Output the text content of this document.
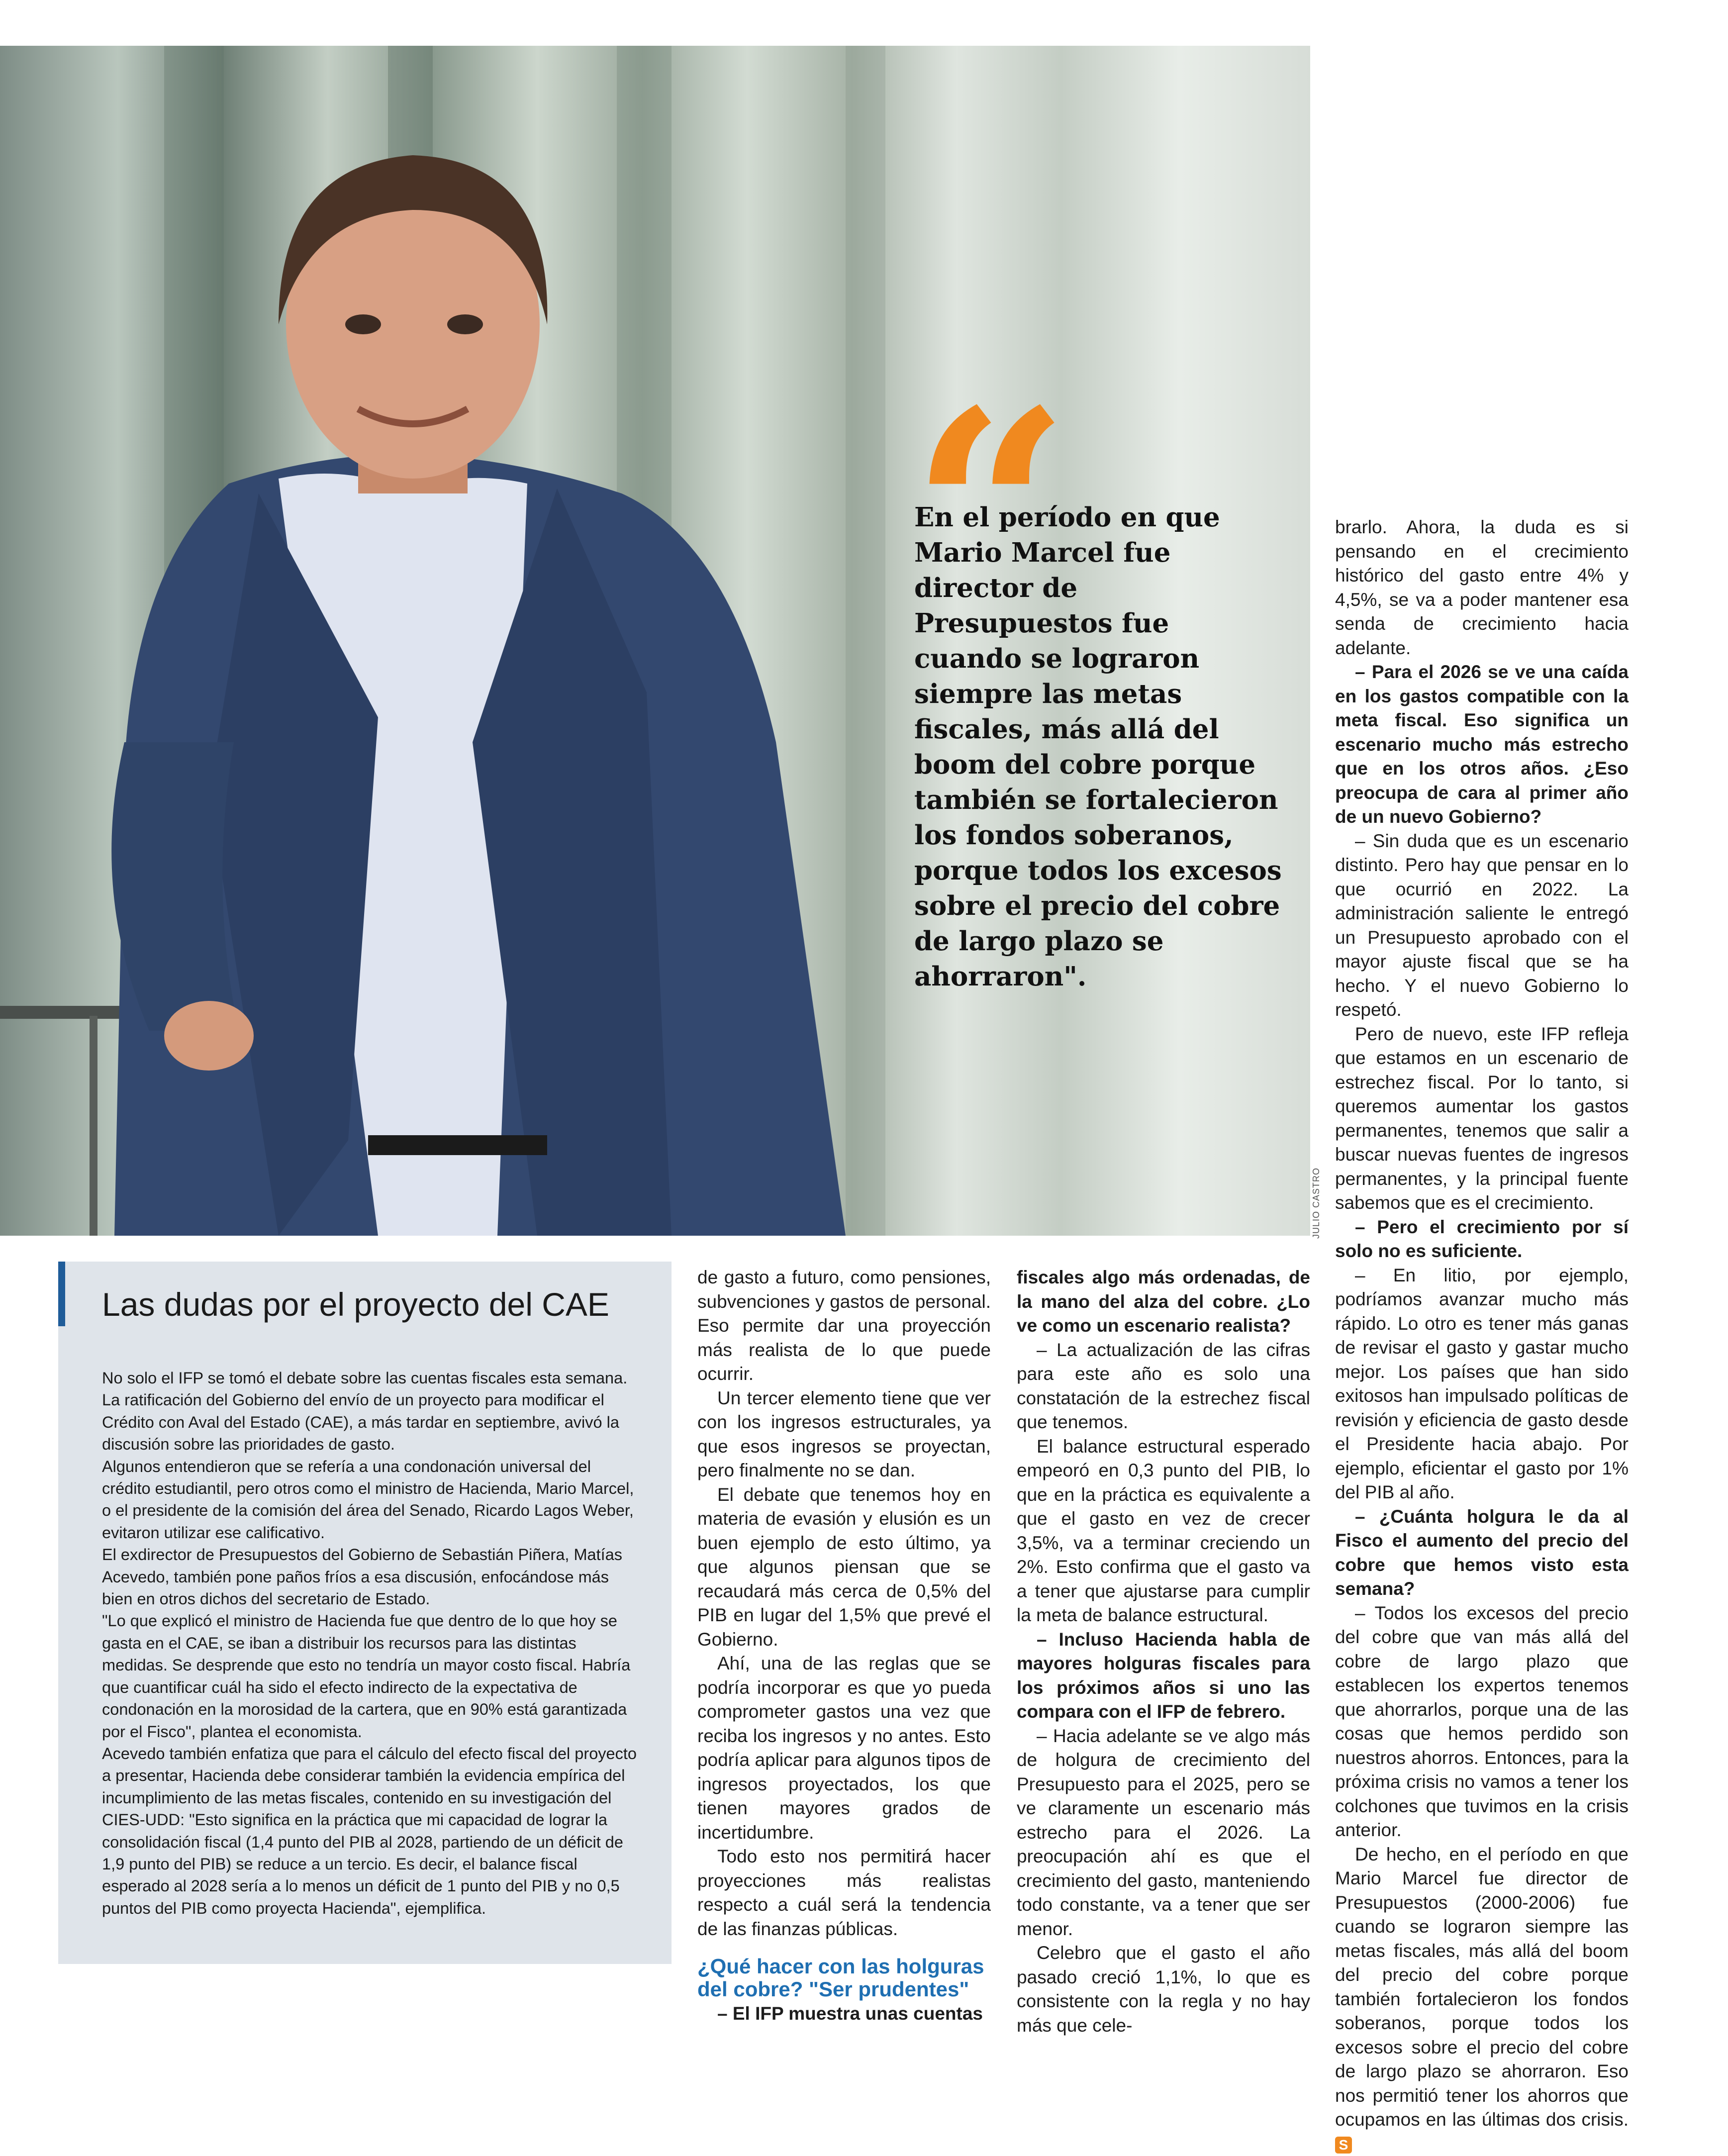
JULIO CASTRO
En el período en que Mario Marcel fue director de Presupuestos fue cuando se lograron siempre las metas fiscales, más allá del boom del cobre porque también se fortalecieron los fondos soberanos, porque todos los excesos sobre el precio del cobre de largo plazo se ahorraron".
Las dudas por el proyecto del CAE

No solo el IFP se tomó el debate sobre las cuentas fiscales esta semana. La ratificación del Gobierno del envío de un proyecto para modificar el Crédito con Aval del Estado (CAE), a más tardar en septiembre, avivó la discusión sobre las prioridades de gasto.

Algunos entendieron que se refería a una condonación universal del crédito estudiantil, pero otros como el ministro de Hacienda, Mario Marcel, o el presidente de la comisión del área del Senado, Ricardo Lagos Weber, evitaron utilizar ese calificativo.

El exdirector de Presupuestos del Gobierno de Sebastián Piñera, Matías Acevedo, también pone paños fríos a esa discusión, enfocándose más bien en otros dichos del secretario de Estado.

"Lo que explicó el ministro de Hacienda fue que dentro de lo que hoy se gasta en el CAE, se iban a distribuir los recursos para las distintas medidas. Se desprende que esto no tendría un mayor costo fiscal. Habría que cuantificar cuál ha sido el efecto indirecto de la expectativa de condonación en la morosidad de la cartera, que en 90% está garantizada por el Fisco", plantea el economista.

Acevedo también enfatiza que para el cálculo del efecto fiscal del proyecto a presentar, Hacienda debe considerar también la evidencia empírica del incumplimiento de las metas fiscales, contenido en su investigación del CIES-UDD: "Esto significa en la práctica que mi capacidad de lograr la consolidación fiscal (1,4 punto del PIB al 2028, partiendo de un déficit de 1,9 punto del PIB) se reduce a un tercio. Es decir, el balance fiscal esperado al 2028 sería a lo menos un déficit de 1 punto del PIB y no 0,5 puntos del PIB como proyecta Hacienda", ejemplifica.

de gasto a futuro, como pensiones, subvenciones y gastos de personal. Eso permite dar una proyección más realista de lo que puede ocurrir.

Un tercer elemento tiene que ver con los ingresos estructurales, ya que esos ingresos se proyectan, pero finalmente no se dan.

El debate que tenemos hoy en materia de evasión y elusión es un buen ejemplo de esto último, ya que algunos piensan que se recaudará más cerca de 0,5% del PIB en lugar del 1,5% que prevé el Gobierno.

Ahí, una de las reglas que se podría incorporar es que yo pueda comprometer gastos una vez que reciba los ingresos y no antes. Esto podría aplicar para algunos tipos de ingresos proyectados, los que tienen mayores grados de incertidumbre.

Todo esto nos permitirá hacer proyecciones más realistas respecto a cuál será la tendencia de las finanzas públicas.

¿Qué hacer con las holguras del cobre? "Ser prudentes"

– El IFP muestra unas cuentas

fiscales algo más ordenadas, de la mano del alza del cobre. ¿Lo ve como un escenario realista?

– La actualización de las cifras para este año es solo una constatación de la estrechez fiscal que tenemos.

El balance estructural esperado empeoró en 0,3 punto del PIB, lo que en la práctica es equivalente a que el gasto en vez de crecer 3,5%, va a terminar creciendo un 2%. Esto confirma que el gasto va a tener que ajustarse para cumplir la meta de balance estructural.

– Incluso Hacienda habla de mayores holguras fiscales para los próximos años si uno las compara con el IFP de febrero.

– Hacia adelante se ve algo más de holgura de crecimiento del Presupuesto para el 2025, pero se ve claramente un escenario más estrecho para el 2026. La preocupación ahí es que el crecimiento del gasto, manteniendo todo constante, va a tener que ser menor.

Celebro que el gasto el año pasado creció 1,1%, lo que es consistente con la regla y no hay más que cele-

brarlo. Ahora, la duda es si pensando en el crecimiento histórico del gasto entre 4% y 4,5%, se va a poder mantener esa senda de crecimiento hacia adelante.

– Para el 2026 se ve una caída en los gastos compatible con la meta fiscal. Eso significa un escenario mucho más estrecho que en los otros años. ¿Eso preocupa de cara al primer año de un nuevo Gobierno?

– Sin duda que es un escenario distinto. Pero hay que pensar en lo que ocurrió en 2022. La administración saliente le entregó un Presupuesto aprobado con el mayor ajuste fiscal que se ha hecho. Y el nuevo Gobierno lo respetó.

Pero de nuevo, este IFP refleja que estamos en un escenario de estrechez fiscal. Por lo tanto, si queremos aumentar los gastos permanentes, tenemos que salir a buscar nuevas fuentes de ingresos permanentes, y la principal fuente sabemos que es el crecimiento.

– Pero el crecimiento por sí solo no es suficiente.

– En litio, por ejemplo, podríamos avanzar mucho más rápido. Lo otro es tener más ganas de revisar el gasto y gastar mucho mejor. Los países que han sido exitosos han impulsado políticas de revisión y eficiencia de gasto desde el Presidente hacia abajo. Por ejemplo, eficientar el gasto por 1% del PIB al año.

– ¿Cuánta holgura le da al Fisco el aumento del precio del cobre que hemos visto esta semana?

– Todos los excesos del precio del cobre que van más allá del cobre de largo plazo que establecen los expertos tenemos que ahorrarlos, porque una de las cosas que hemos perdido son nuestros ahorros. Entonces, para la próxima crisis no vamos a tener los colchones que tuvimos en la crisis anterior.

De hecho, en el período en que Mario Marcel fue director de Presupuestos (2000-2006) fue cuando se lograron siempre las metas fiscales, más allá del boom del precio del cobre porque también fortalecieron los fondos soberanos, porque todos los excesos sobre el precio del cobre de largo plazo se ahorraron. Eso nos permitió tener los ahorros que ocupamos en las últimas dos crisis. S
